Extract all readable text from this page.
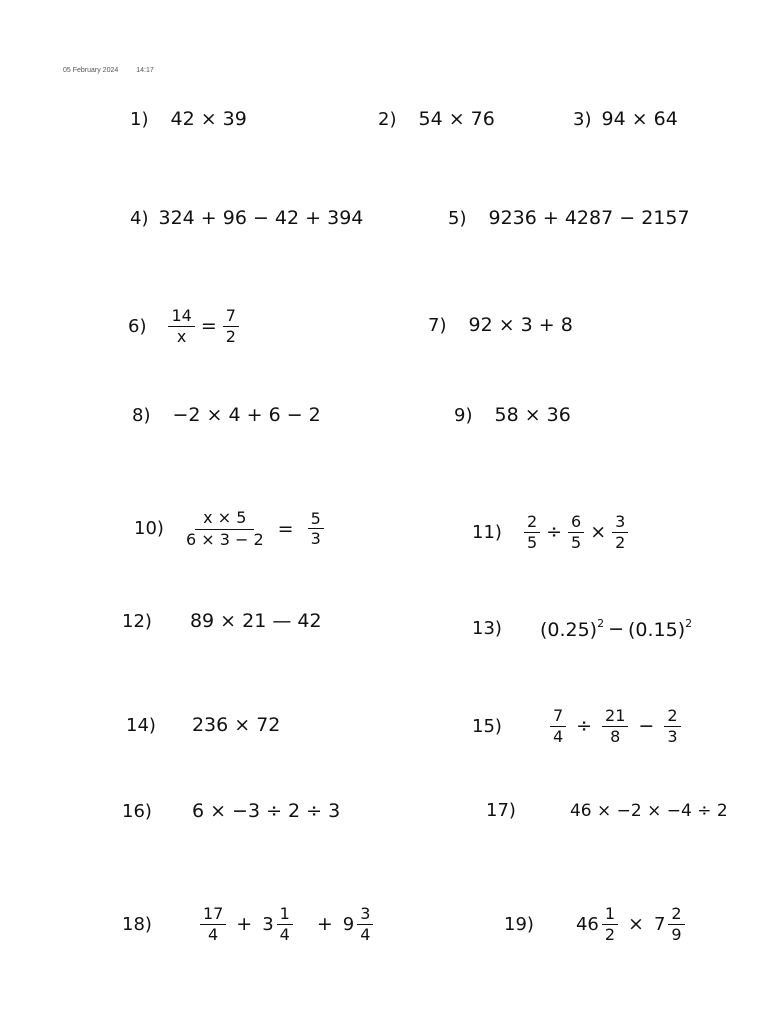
05 February 2024	14:17
1) 42 × 39	2) 54 × 76	3) 94 × 64
4) 324 + 96 − 42 + 394	5) 9236 + 4287 − 2157
$6) \frac{14}{x} = \frac{7}{2}$	7) 92 × 3 + 8
8) −2 × 4 + 6 − 2	9) 58 × 36
$10) \frac{x \times 5}{6 \times 3 - 2} = \frac{5}{3}$	$11) \frac{2}{5} \div \frac{6}{5} \times \frac{3}{2}$
12) 89 × 21 — 42	13) $(0.25)^2 - (0.15)^2$
14) 236 × 72	15)	$\frac{7}{4} \div \frac{21}{8} - \frac{2}{3}$
16) 6 × −3 ÷ 2 ÷ 3	17)	46 × −2 × −4 ÷ 2
18)	$\frac{17}{4} + 3 \frac{1}{4} + 9 \frac{3}{4}$	19) $46 \frac{1}{2} \times 7 \frac{2}{9}$
